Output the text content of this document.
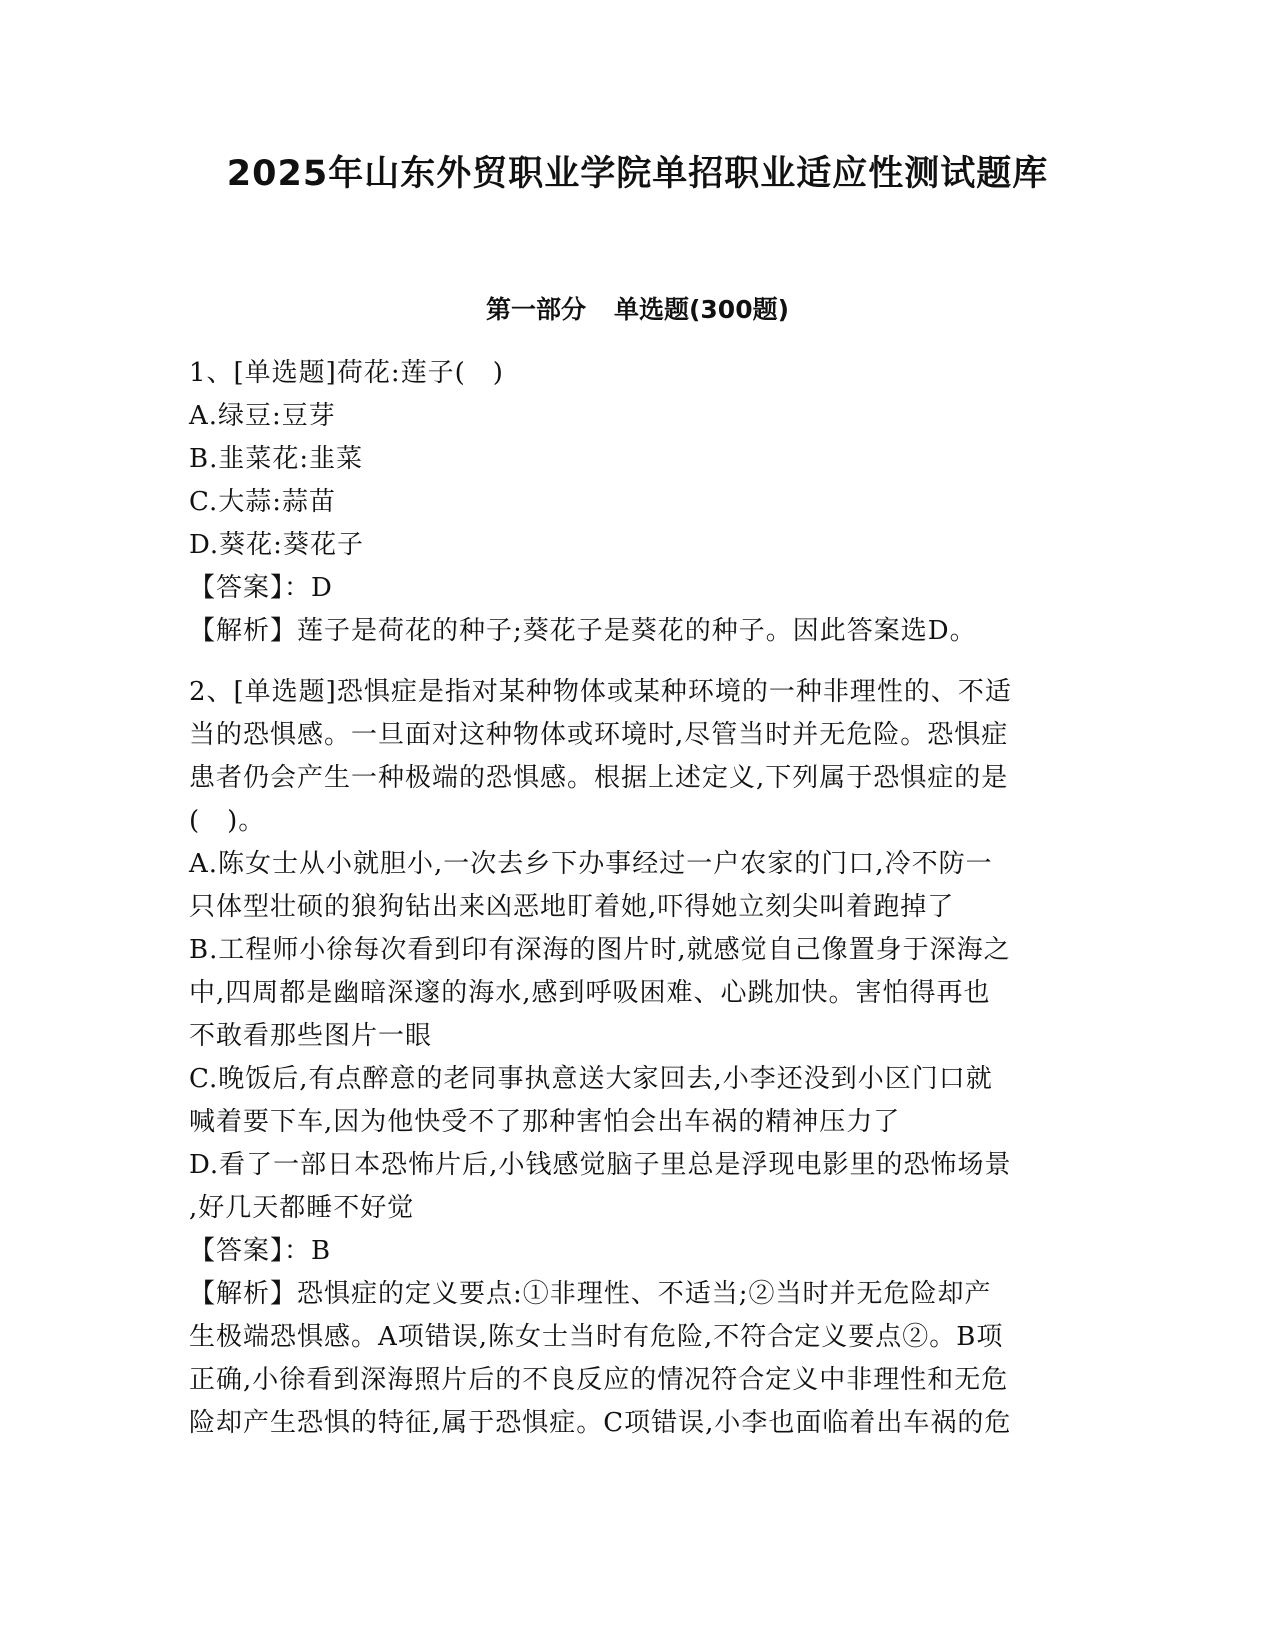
2025年山东外贸职业学院单招职业适应性测试题库
第一部分 单选题(300题)

1、[单选题]荷花:莲子(　)

A.绿豆:豆芽

B.韭菜花:韭菜

C.大蒜:蒜苗

D.葵花:葵花子

【答案】：D

【解析】莲子是荷花的种子;葵花子是葵花的种子。因此答案选D。

2、[单选题]恐惧症是指对某种物体或某种环境的一种非理性的、不适

当的恐惧感。一旦面对这种物体或环境时,尽管当时并无危险。恐惧症

患者仍会产生一种极端的恐惧感。根据上述定义,下列属于恐惧症的是

(　)。

A.陈女士从小就胆小,一次去乡下办事经过一户农家的门口,冷不防一

只体型壮硕的狼狗钻出来凶恶地盯着她,吓得她立刻尖叫着跑掉了

B.工程师小徐每次看到印有深海的图片时,就感觉自己像置身于深海之

中,四周都是幽暗深邃的海水,感到呼吸困难、心跳加快。害怕得再也

不敢看那些图片一眼

C.晚饭后,有点醉意的老同事执意送大家回去,小李还没到小区门口就

喊着要下车,因为他快受不了那种害怕会出车祸的精神压力了

D.看了一部日本恐怖片后,小钱感觉脑子里总是浮现电影里的恐怖场景

,好几天都睡不好觉

【答案】：B

【解析】恐惧症的定义要点:①非理性、不适当;②当时并无危险却产

生极端恐惧感。A项错误,陈女士当时有危险,不符合定义要点②。B项

正确,小徐看到深海照片后的不良反应的情况符合定义中非理性和无危

险却产生恐惧的特征,属于恐惧症。C项错误,小李也面临着出车祸的危
